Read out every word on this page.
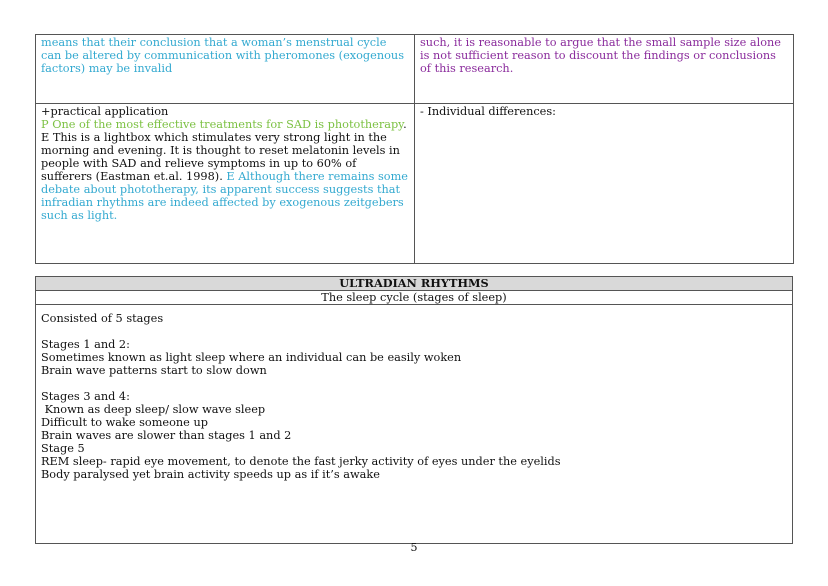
means that their conclusion that a woman’s menstrual cycle can be altered by communication with pheromones (exogenous factors) may be invalid	such, it is reasonable to argue that the small sample size alone is not sufficient reason to discount the findings or conclusions of this research.

+practical application

P One of the most effective treatments for SAD is phototherapy. E This is a lightbox which stimulates very strong light in the morning and evening. It is thought to reset melatonin levels in people with SAD and relieve symptoms in up to 60% of sufferers (Eastman et.al. 1998). E Although there remains some debate about phototherapy, its apparent success suggests that infradian rhythms are indeed affected by exogenous zeitgebers such as light.	- Individual differences:
ULTRADIAN RHYTHMS
The sleep cycle (stages of sleep)

Consisted of 5 stages

Stages 1 and 2:

Sometimes known as light sleep where an individual can be easily woken

Brain wave patterns start to slow down

Stages 3 and 4:

Known as deep sleep/ slow wave sleep

Difficult to wake someone up

Brain waves are slower than stages 1 and 2

Stage 5

REM sleep- rapid eye movement, to denote the fast jerky activity of eyes under the eyelids

Body paralysed yet brain activity speeds up as if it’s awake

5
